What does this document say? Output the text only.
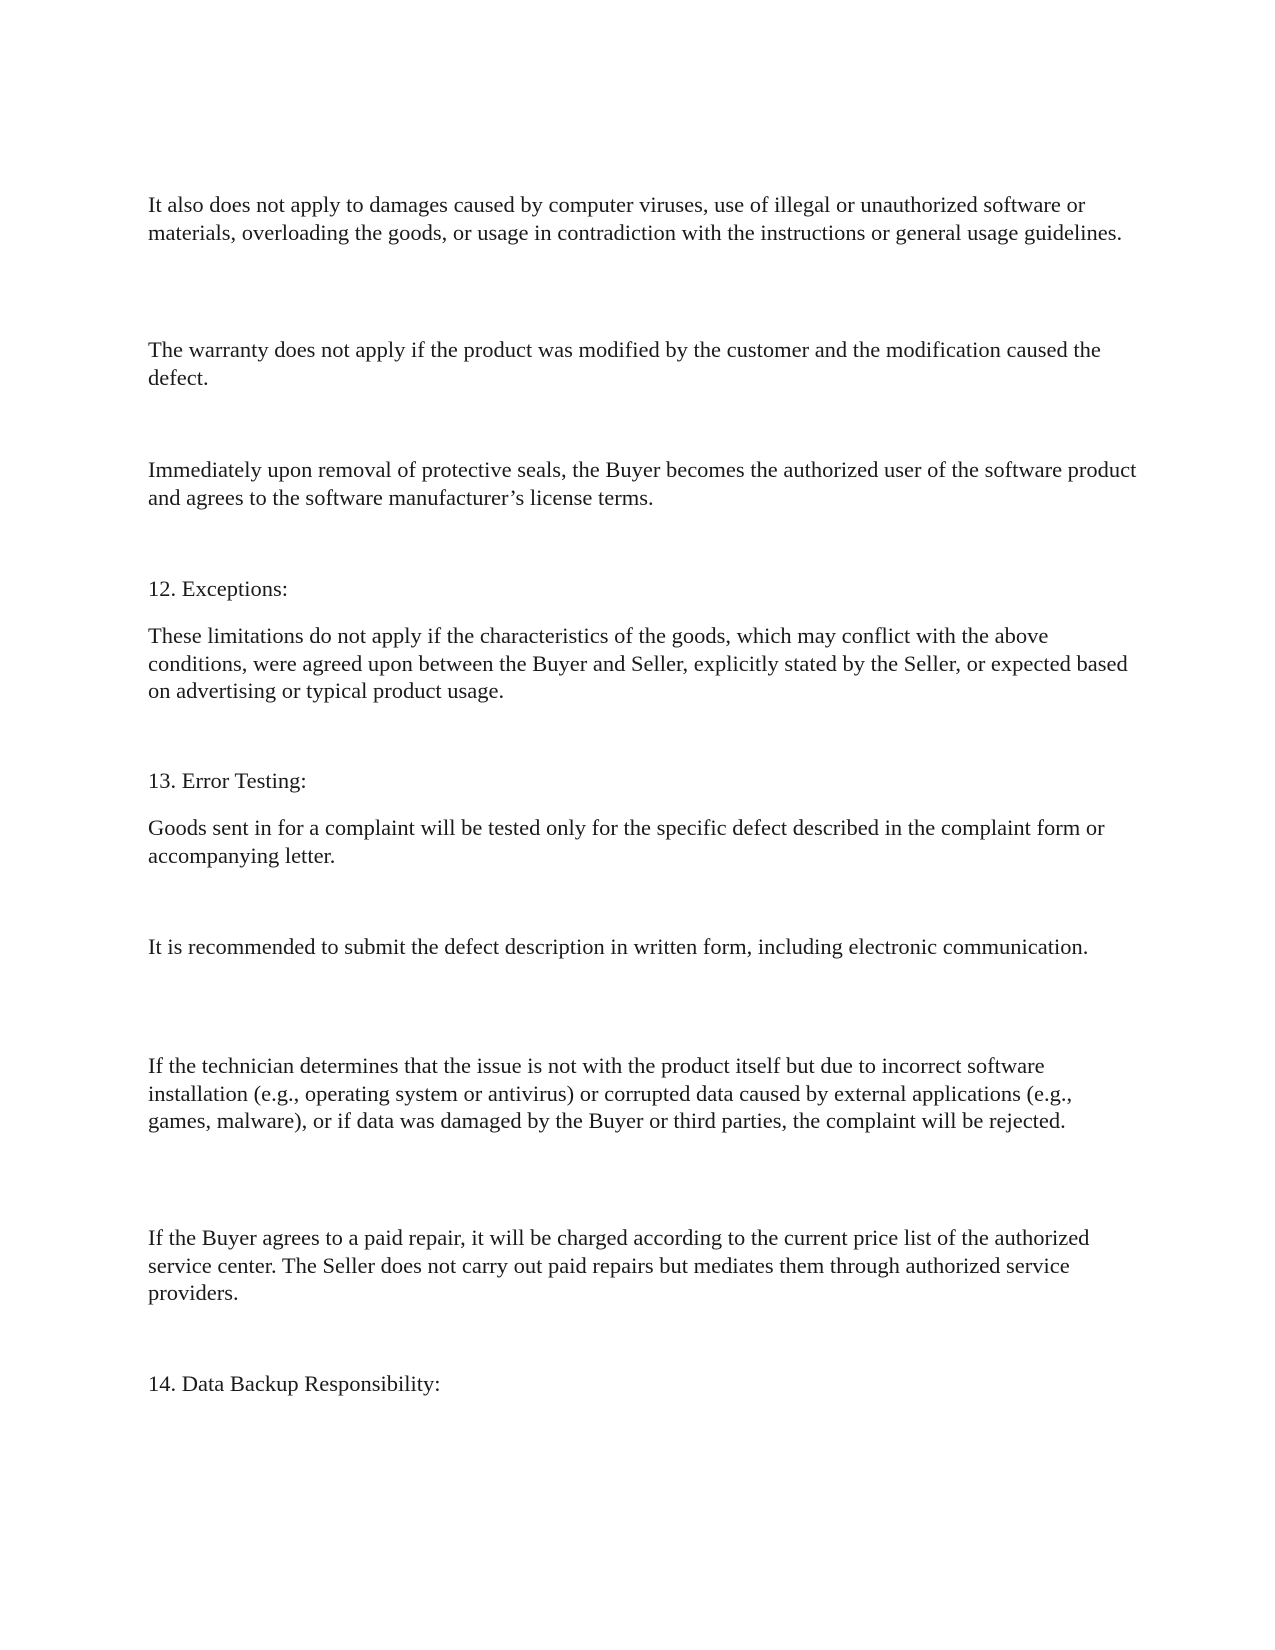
It also does not apply to damages caused by computer viruses, use of illegal or unauthorized software or materials, overloading the goods, or usage in contradiction with the instructions or general usage guidelines.

The warranty does not apply if the product was modified by the customer and the modification caused the defect.

Immediately upon removal of protective seals, the Buyer becomes the authorized user of the software product and agrees to the software manufacturer’s license terms.

12. Exceptions:

These limitations do not apply if the characteristics of the goods, which may conflict with the above conditions, were agreed upon between the Buyer and Seller, explicitly stated by the Seller, or expected based on advertising or typical product usage.

13. Error Testing:

Goods sent in for a complaint will be tested only for the specific defect described in the complaint form or accompanying letter.

It is recommended to submit the defect description in written form, including electronic communication.

If the technician determines that the issue is not with the product itself but due to incorrect software installation (e.g., operating system or antivirus) or corrupted data caused by external applications (e.g., games, malware), or if data was damaged by the Buyer or third parties, the complaint will be rejected.

If the Buyer agrees to a paid repair, it will be charged according to the current price list of the authorized service center. The Seller does not carry out paid repairs but mediates them through authorized service providers.

14. Data Backup Responsibility:
